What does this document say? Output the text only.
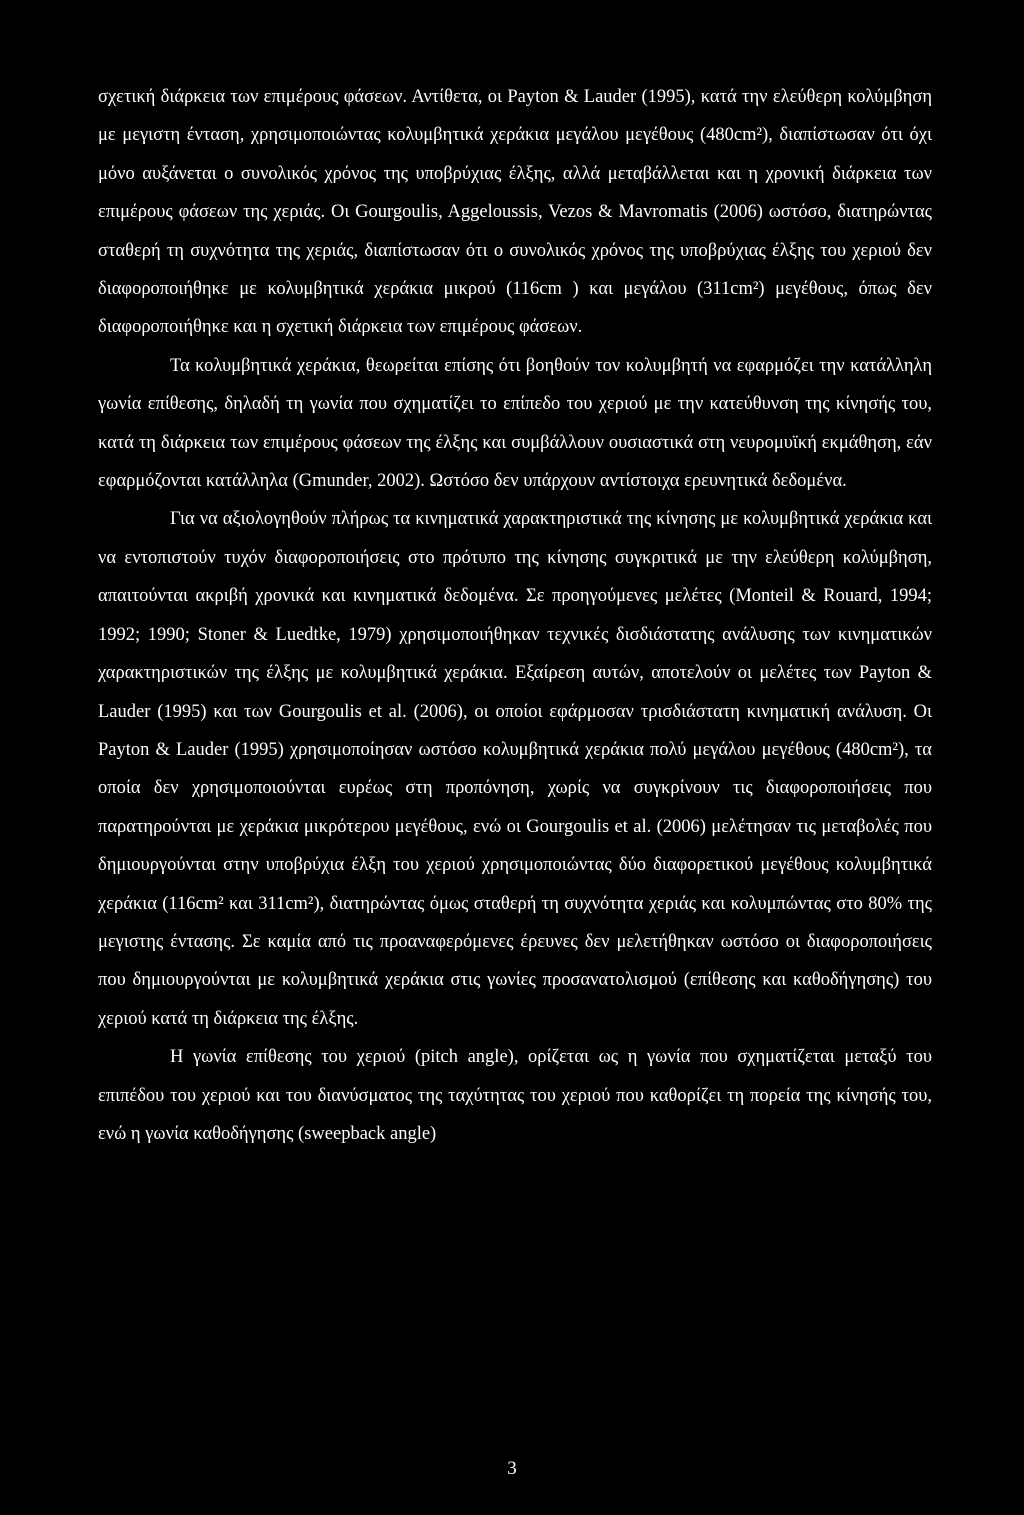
σχετική διάρκεια των επιμέρους φάσεων. Αντίθετα, οι Payton & Lauder (1995), κατά την ελεύθερη κολύμβηση με μεγιστη ένταση, χρησιμοποιώντας κολυμβητικά χεράκια μεγάλου μεγέθους (480cm²), διαπίστωσαν ότι όχι μόνο αυξάνεται ο συνολικός χρόνος της υποβρύχιας έλξης, αλλά μεταβάλλεται και η χρονική διάρκεια των επιμέρους φάσεων της χεριάς. Οι Gourgoulis, Aggeloussis, Vezos & Mavromatis (2006) ωστόσο, διατηρώντας σταθερή τη συχνότητα της χεριάς, διαπίστωσαν ότι ο συνολικός χρόνος της υποβρύχιας έλξης του χεριού δεν διαφοροποιήθηκε με κολυμβητικά χεράκια μικρού (116cm ) και μεγάλου (311cm²) μεγέθους, όπως δεν διαφοροποιήθηκε και η σχετική διάρκεια των επιμέρους φάσεων.

Τα κολυμβητικά χεράκια, θεωρείται επίσης ότι βοηθούν τον κολυμβητή να εφαρμόζει την κατάλληλη γωνία επίθεσης, δηλαδή τη γωνία που σχηματίζει το επίπεδο του χεριού με την κατεύθυνση της κίνησής του, κατά τη διάρκεια των επιμέρους φάσεων της έλξης και συμβάλλουν ουσιαστικά στη νευρομυϊκή εκμάθηση, εάν εφαρμόζονται κατάλληλα (Gmunder, 2002). Ωστόσο δεν υπάρχουν αντίστοιχα ερευνητικά δεδομένα.

Για να αξιολογηθούν πλήρως τα κινηματικά χαρακτηριστικά της κίνησης με κολυμβητικά χεράκια και να εντοπιστούν τυχόν διαφοροποιήσεις στο πρότυπο της κίνησης συγκριτικά με την ελεύθερη κολύμβηση, απαιτούνται ακριβή χρονικά και κινηματικά δεδομένα. Σε προηγούμενες μελέτες (Monteil & Rouard, 1994; 1992; 1990; Stoner & Luedtke, 1979) χρησιμοποιήθηκαν τεχνικές δισδιάστατης ανάλυσης των κινηματικών χαρακτηριστικών της έλξης με κολυμβητικά χεράκια. Εξαίρεση αυτών, αποτελούν οι μελέτες των Payton & Lauder (1995) και των Gourgoulis et al. (2006), οι οποίοι εφάρμοσαν τρισδιάστατη κινηματική ανάλυση. Οι Payton & Lauder (1995) χρησιμοποίησαν ωστόσο κολυμβητικά χεράκια πολύ μεγάλου μεγέθους (480cm²), τα οποία δεν χρησιμοποιούνται ευρέως στη προπόνηση, χωρίς να συγκρίνουν τις διαφοροποιήσεις που παρατηρούνται με χεράκια μικρότερου μεγέθους, ενώ οι Gourgoulis et al. (2006) μελέτησαν τις μεταβολές που δημιουργούνται στην υποβρύχια έλξη του χεριού χρησιμοποιώντας δύο διαφορετικού μεγέθους κολυμβητικά χεράκια (116cm² και 311cm²), διατηρώντας όμως σταθερή τη συχνότητα χεριάς και κολυμπώντας στο 80% της μεγιστης έντασης. Σε καμία από τις προαναφερόμενες έρευνες δεν μελετήθηκαν ωστόσο οι διαφοροποιήσεις που δημιουργούνται με κολυμβητικά χεράκια στις γωνίες προσανατολισμού (επίθεσης και καθοδήγησης) του χεριού κατά τη διάρκεια της έλξης.

Η γωνία επίθεσης του χεριού (pitch angle), ορίζεται ως η γωνία που σχηματίζεται μεταξύ του επιπέδου του χεριού και του διανύσματος της ταχύτητας του χεριού που καθορίζει τη πορεία της κίνησής του, ενώ η γωνία καθοδήγησης (sweepback angle)

3
